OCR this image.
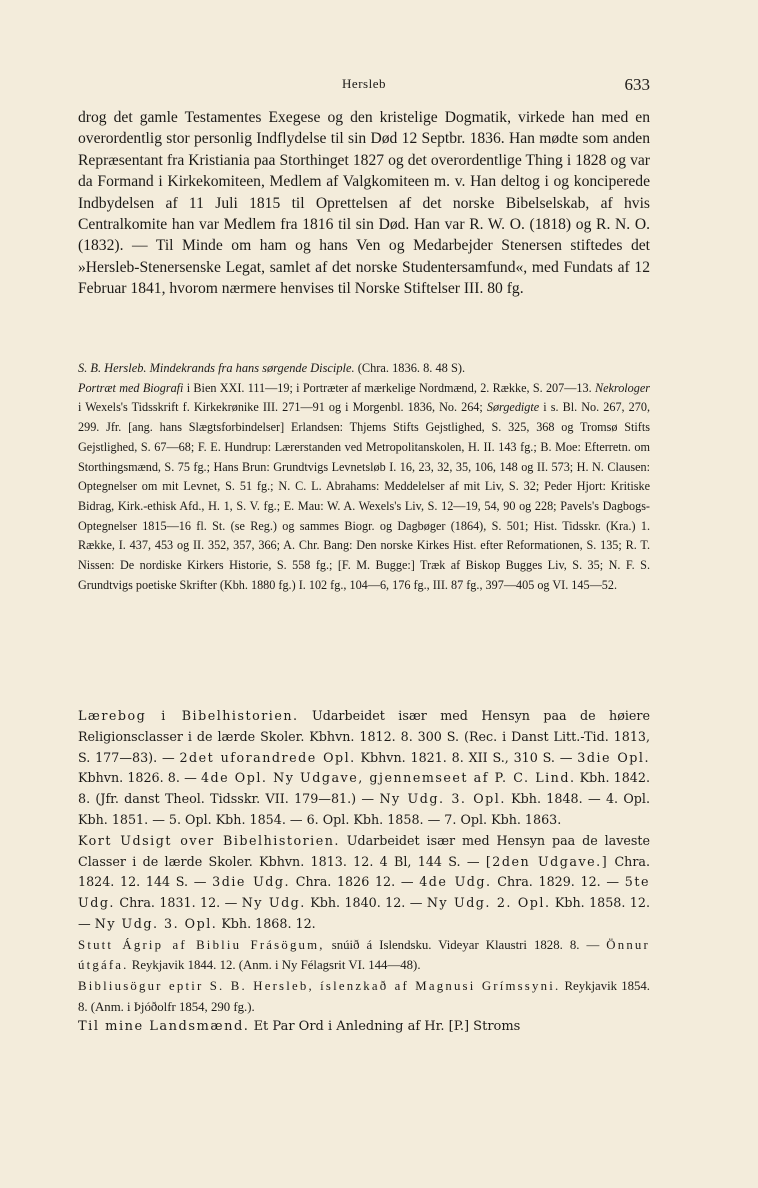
Hersleb	633

drog det gamle Testamentes Exegese og den kristelige Dogmatik, virkede han med en overordentlig stor personlig Indflydelse til sin Død 12 Septbr. 1836. Han mødte som anden Repræsentant fra Kristiania paa Storthinget 1827 og det overordentlige Thing i 1828 og var da Formand i Kirkekomiteen, Medlem af Valgkomiteen m. v. Han deltog i og konciperede Indbydelsen af 11 Juli 1815 til Oprettelsen af det norske Bibelselskab, af hvis Centralkomite han var Medlem fra 1816 til sin Død. Han var R. W. O. (1818) og R. N. O. (1832). — Til Minde om ham og hans Ven og Medarbejder Stenersen stiftedes det »Hersleb-Stenersenske Legat, samlet af det norske Studentersamfund«, med Fundats af 12 Februar 1841, hvorom nærmere henvises til Norske Stiftelser III. 80 fg.

S. B. Hersleb. Mindekrands fra hans sørgende Disciple. (Chra. 1836. 8. 48 S).

Portræt med Biografi i Bien XXI. 111—19; i Portræter af mærkelige Nordmænd, 2. Række, S. 207—13. Nekrologer i Wexels's Tidsskrift f. Kirkekrønike III. 271—91 og i Morgenbl. 1836, No. 264; Sørgedigte i s. Bl. No. 267, 270, 299. Jfr. [ang. hans Slægtsforbindelser] Erlandsen: Thjems Stifts Gejstlighed, S. 325, 368 og Tromsø Stifts Gejstlighed, S. 67—68; F. E. Hundrup: Lærerstanden ved Metropolitanskolen, H. II. 143 fg.; B. Moe: Efterretn. om Storthingsmænd, S. 75 fg.; Hans Brun: Grundtvigs Levnetsløb I. 16, 23, 32, 35, 106, 148 og II. 573; H. N. Clausen: Optegnelser om mit Levnet, S. 51 fg.; N. C. L. Abrahams: Meddelelser af mit Liv, S. 32; Peder Hjort: Kritiske Bidrag, Kirk.-ethisk Afd., H. 1, S. V. fg.; E. Mau: W. A. Wexels's Liv, S. 12—19, 54, 90 og 228; Pavels's Dagbogs-Optegnelser 1815—16 fl. St. (se Reg.) og sammes Biogr. og Dagbøger (1864), S. 501; Hist. Tidsskr. (Kra.) 1. Række, I. 437, 453 og II. 352, 357, 366; A. Chr. Bang: Den norske Kirkes Hist. efter Reformationen, S. 135; R. T. Nissen: De nordiske Kirkers Historie, S. 558 fg.; [F. M. Bugge:] Træk af Biskop Bugges Liv, S. 35; N. F. S. Grundtvigs poetiske Skrifter (Kbh. 1880 fg.) I. 102 fg., 104—6, 176 fg., III. 87 fg., 397—405 og VI. 145—52.

Lærebog i Bibelhistorien. Udarbeidet især med Hensyn paa de høiere Religionsclasser i de lærde Skoler. Kbhvn. 1812. 8. 300 S. (Rec. i Danst Litt.-Tid. 1813, S. 177—83). — 2det uforandrede Opl. Kbhvn. 1821. 8. XII S., 310 S. — 3die Opl. Kbhvn. 1826. 8. — 4de Opl. Ny Udgave, gjennemseet af P. C. Lind. Kbh. 1842. 8. (Jfr. danst Theol. Tidsskr. VII. 179—81.) — Ny Udg. 3. Opl. Kbh. 1848. — 4. Opl. Kbh. 1851. — 5. Opl. Kbh. 1854. — 6. Opl. Kbh. 1858. — 7. Opl. Kbh. 1863.

Kort Udsigt over Bibelhistorien. Udarbeidet især med Hensyn paa de laveste Classer i de lærde Skoler. Kbhvn. 1813. 12. 4 Bl, 144 S. — [2den Udgave.] Chra. 1824. 12. 144 S. — 3die Udg. Chra. 1826 12. — 4de Udg. Chra. 1829. 12. — 5te Udg. Chra. 1831. 12. — Ny Udg. Kbh. 1840. 12. — Ny Udg. 2. Opl. Kbh. 1858. 12. — Ny Udg. 3. Opl. Kbh. 1868. 12.

Stutt Ágrip af Bibliu Frásögum, snúið á Islendsku. Videyar Klaustri 1828. 8. — Önnur útgáfa. Reykjavik 1844. 12. (Anm. i Ny Félagsrit VI. 144—48).

Bibliusögur eptir S. B. Hersleb, íslenzkað af Magnusi Grímssyni. Reykjavik 1854. 8. (Anm. i Þjóðolfr 1854, 290 fg.).

Til mine Landsmænd. Et Par Ord i Anledning af Hr. [P.] Stroms
